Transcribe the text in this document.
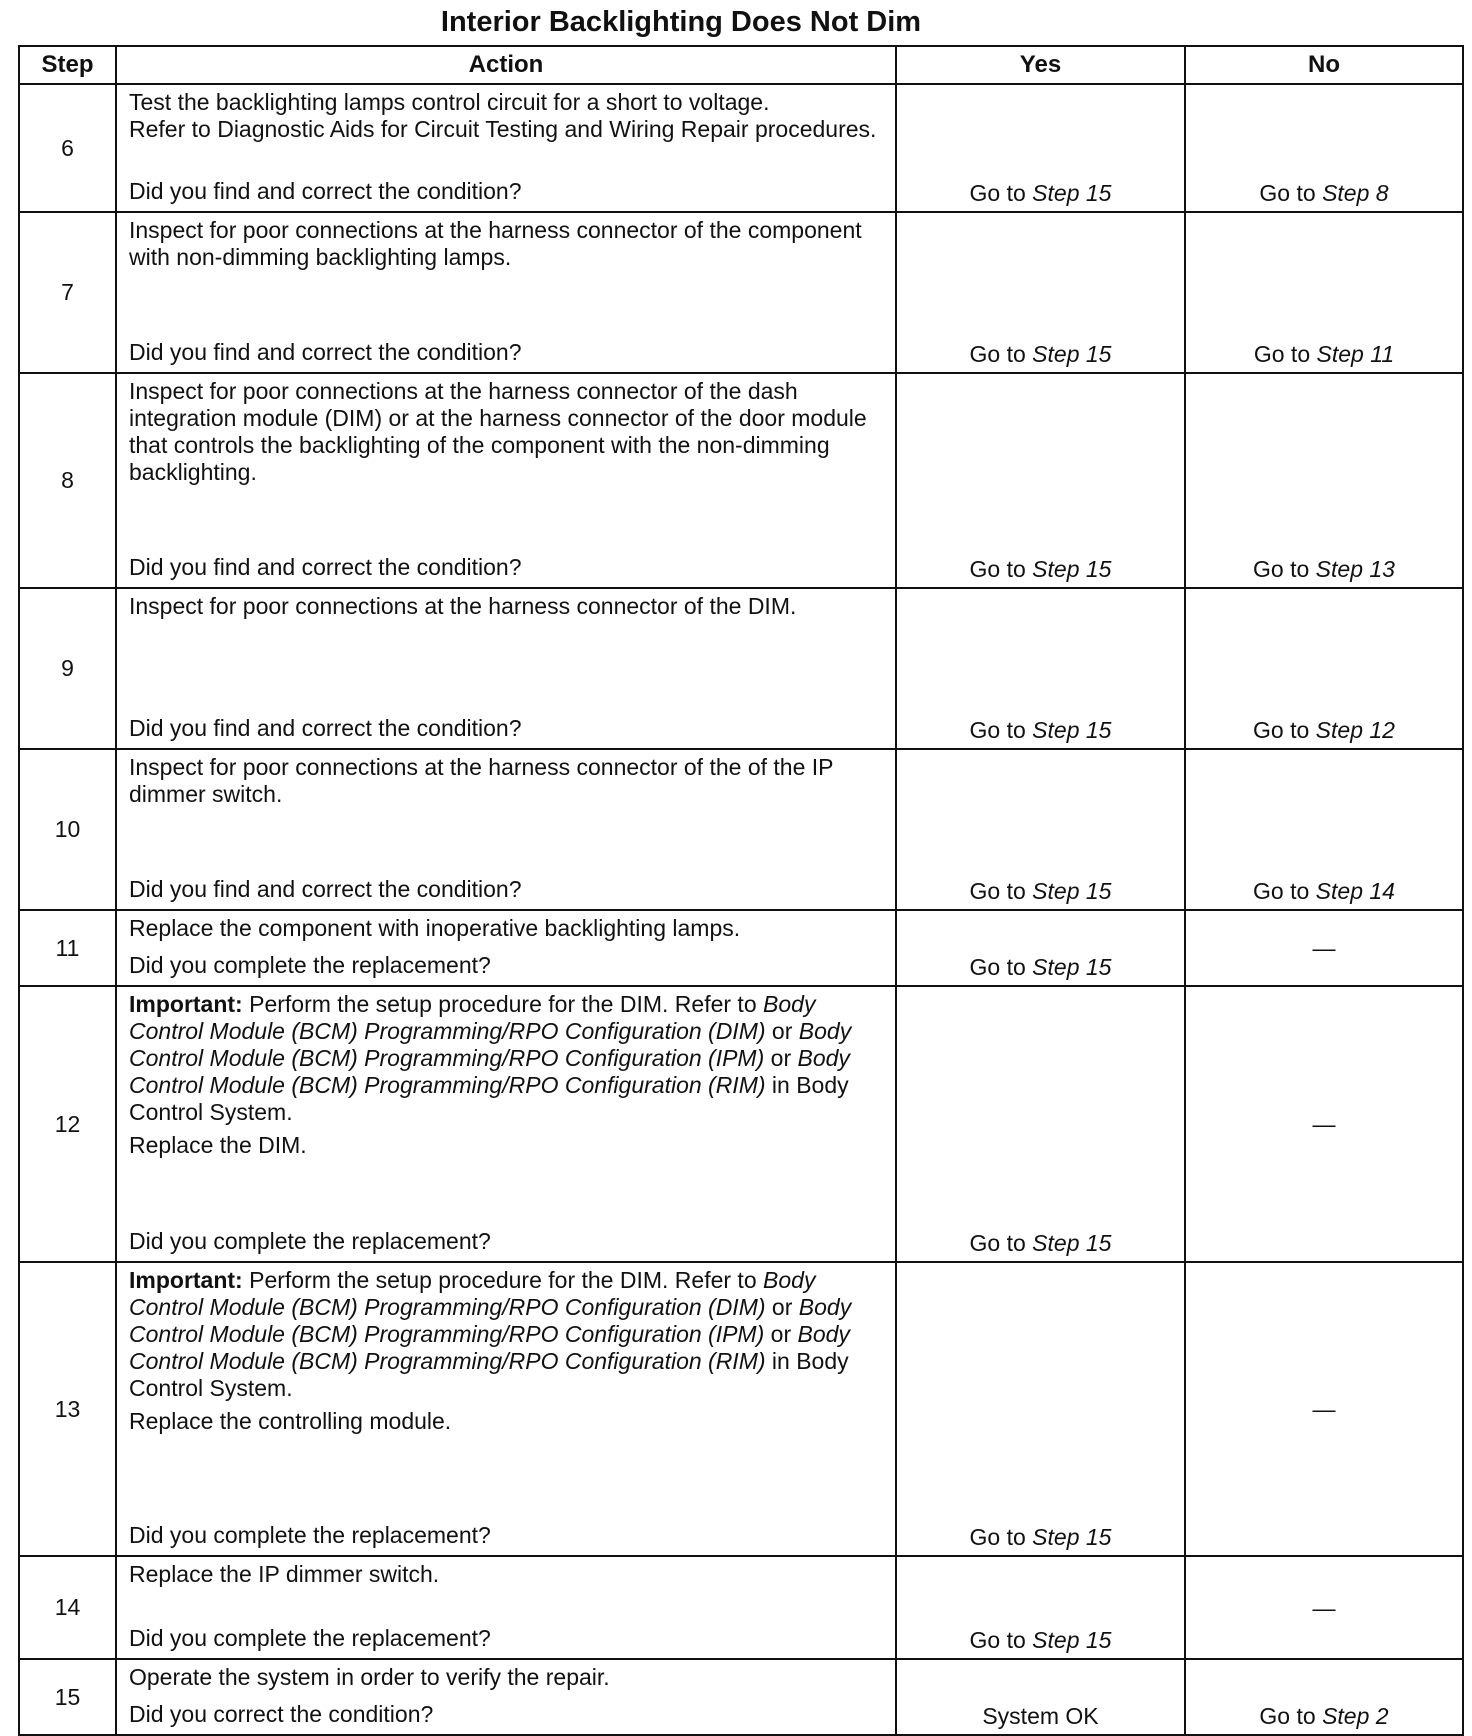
Interior Backlighting Does Not Dim
Step	Action	Yes	No
6	Test the backlighting lamps control circuit for a short to voltage.

Refer to Diagnostic Aids for Circuit Testing and Wiring Repair procedures.

Did you find and correct the condition?	Go to Step 15	Go to Step 8
7	Inspect for poor connections at the harness connector of the component with non-dimming backlighting lamps.

Did you find and correct the condition?	Go to Step 15	Go to Step 11
8	Inspect for poor connections at the harness connector of the dash integration module (DIM) or at the harness connector of the door module that controls the backlighting of the component with the non-dimming backlighting.

Did you find and correct the condition?	Go to Step 15	Go to Step 13
9	Inspect for poor connections at the harness connector of the DIM.

Did you find and correct the condition?	Go to Step 15	Go to Step 12
10	Inspect for poor connections at the harness connector of the of the IP dimmer switch.

Did you find and correct the condition?	Go to Step 15	Go to Step 14
11	Replace the component with inoperative backlighting lamps.

Did you complete the replacement?	Go to Step 15	—
12	Important: Perform the setup procedure for the DIM. Refer to Body Control Module (BCM) Programming/RPO Configuration (DIM) or Body Control Module (BCM) Programming/RPO Configuration (IPM) or Body Control Module (BCM) Programming/RPO Configuration (RIM) in Body Control System.

Replace the DIM.

Did you complete the replacement?	Go to Step 15	—
13	Important: Perform the setup procedure for the DIM. Refer to Body Control Module (BCM) Programming/RPO Configuration (DIM) or Body Control Module (BCM) Programming/RPO Configuration (IPM) or Body Control Module (BCM) Programming/RPO Configuration (RIM) in Body Control System.

Replace the controlling module.

Did you complete the replacement?	Go to Step 15	—
14	Replace the IP dimmer switch.

Did you complete the replacement?	Go to Step 15	—
15	Operate the system in order to verify the repair.

Did you correct the condition?	System OK	Go to Step 2
